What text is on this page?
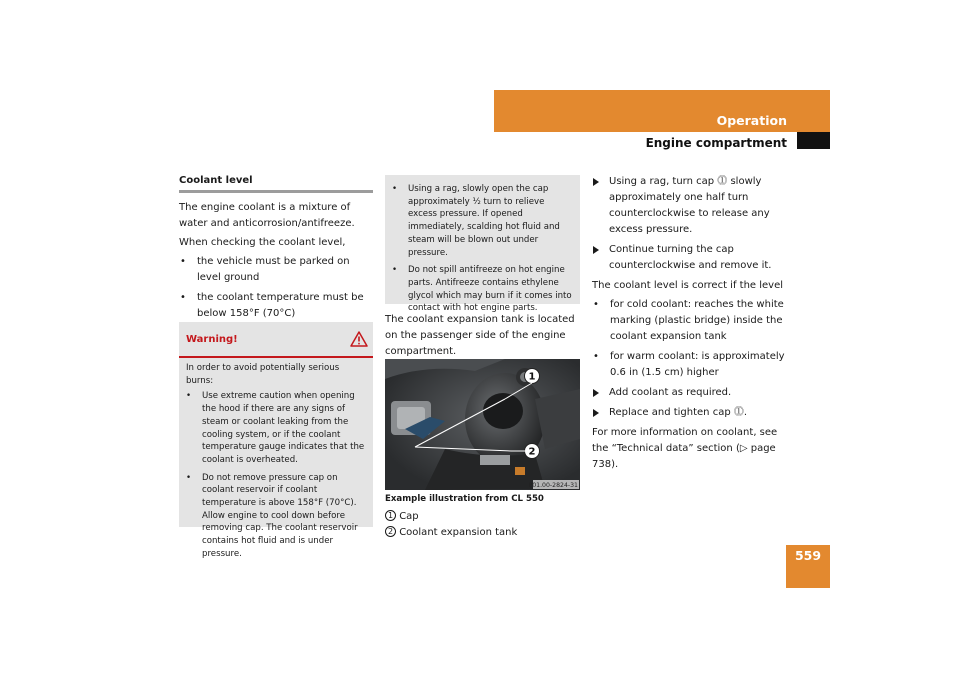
Operation
Engine compartment
559
Coolant level

The engine coolant is a mixture of water and anticorrosion/antifreeze.

When checking the coolant level,

• the vehicle must be parked on level ground
• the coolant temperature must be below 158°F (70°C)
Warning!

In order to avoid potentially serious burns:

• Use extreme caution when opening the hood if there are any signs of steam or coolant leaking from the cooling system, or if the coolant temperature gauge indicates that the coolant is overheated.
• Do not remove pressure cap on coolant reservoir if coolant temperature is above 158°F (70°C). Allow engine to cool down before removing cap. The coolant reservoir contains hot fluid and is under pressure.
• Using a rag, slowly open the cap approximately ½ turn to relieve excess pressure. If opened immediately, scalding hot fluid and steam will be blown out under pressure.
• Do not spill antifreeze on hot engine parts. Antifreeze contains ethylene glycol which may burn if it comes into contact with hot engine parts.
The coolant expansion tank is located on the passenger side of the engine compartment.
1
2
P01.00-2824-31
Example illustration from CL 550
1 Cap
2 Coolant expansion tank
Using a rag, turn cap ⓵ slowly approximately one half turn counterclockwise to release any excess pressure.
Continue turning the cap counterclockwise and remove it.

The coolant level is correct if the level

• for cold coolant: reaches the white marking (plastic bridge) inside the coolant expansion tank
• for warm coolant: is approximately 0.6 in (1.5 cm) higher
Add coolant as required.
Replace and tighten cap ⓵.

For more information on coolant, see the “Technical data” section (▷ page 738).
